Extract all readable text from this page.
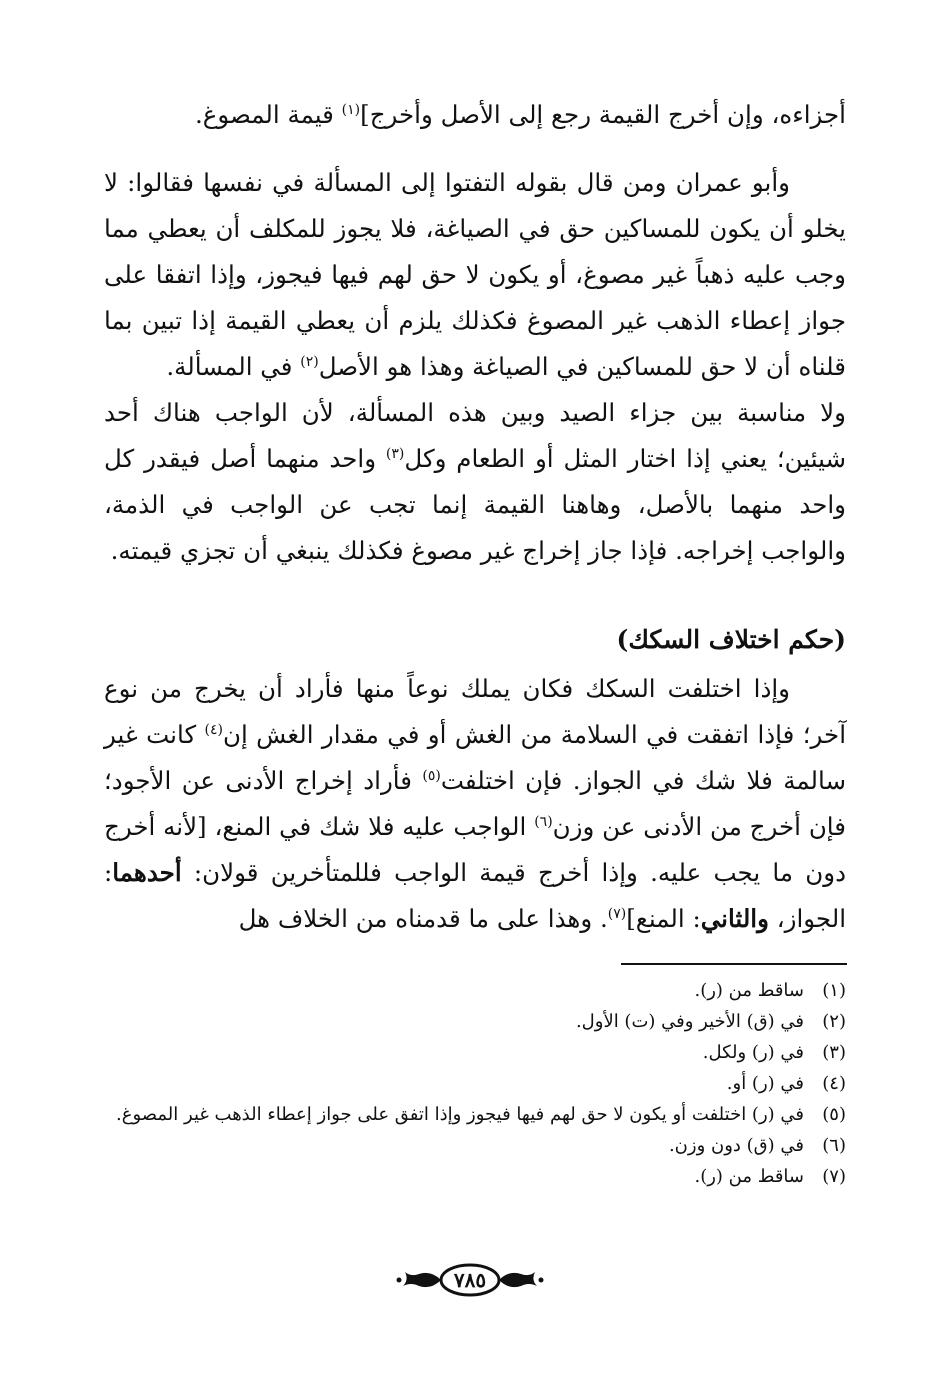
أجزاءه، وإن أخرج القيمة رجع إلى الأصل وأخرج]$^{(١)}$ قيمة المصوغ.

وأبو عمران ومن قال بقوله التفتوا إلى المسألة في نفسها فقالوا: لا يخلو أن يكون للمساكين حق في الصياغة، فلا يجوز للمكلف أن يعطي مما وجب عليه ذهباً غير مصوغ، أو يكون لا حق لهم فيها فيجوز، وإذا اتفقا على جواز إعطاء الذهب غير المصوغ فكذلك يلزم أن يعطي القيمة إذا تبين بما قلناه أن لا حق للمساكين في الصياغة وهذا هو الأصل$^{(٢)}$ في المسألة.

ولا مناسبة بين جزاء الصيد وبين هذه المسألة، لأن الواجب هناك أحد شيئين؛ يعني إذا اختار المثل أو الطعام وكل$^{(٣)}$ واحد منهما أصل فيقدر كل واحد منهما بالأصل، وهاهنا القيمة إنما تجب عن الواجب في الذمة، والواجب إخراجه. فإذا جاز إخراج غير مصوغ فكذلك ينبغي أن تجزي قيمته.

(حكم اختلاف السكك)

وإذا اختلفت السكك فكان يملك نوعاً منها فأراد أن يخرج من نوع آخر؛ فإذا اتفقت في السلامة من الغش أو في مقدار الغش إن$^{(٤)}$ كانت غير سالمة فلا شك في الجواز. فإن اختلفت$^{(٥)}$ فأراد إخراج الأدنى عن الأجود؛ فإن أخرج من الأدنى عن وزن$^{(٦)}$ الواجب عليه فلا شك في المنع، [لأنه أخرج دون ما يجب عليه. وإذا أخرج قيمة الواجب فللمتأخرين قولان: أحدهما: الجواز، والثاني: المنع]$^{(٧)}$. وهذا على ما قدمناه من الخلاف هل

(١)
ساقط من (ر).
(٢)
في (ق) الأخير وفي (ت) الأول.
(٣)
في (ر) ولكل.
(٤)
في (ر) أو.
(٥)
في (ر) اختلفت أو يكون لا حق لهم فيها فيجوز وإذا اتفق على جواز إعطاء الذهب غير المصوغ.
(٦)
في (ق) دون وزن.
(٧)
ساقط من (ر).
٧٨٥
